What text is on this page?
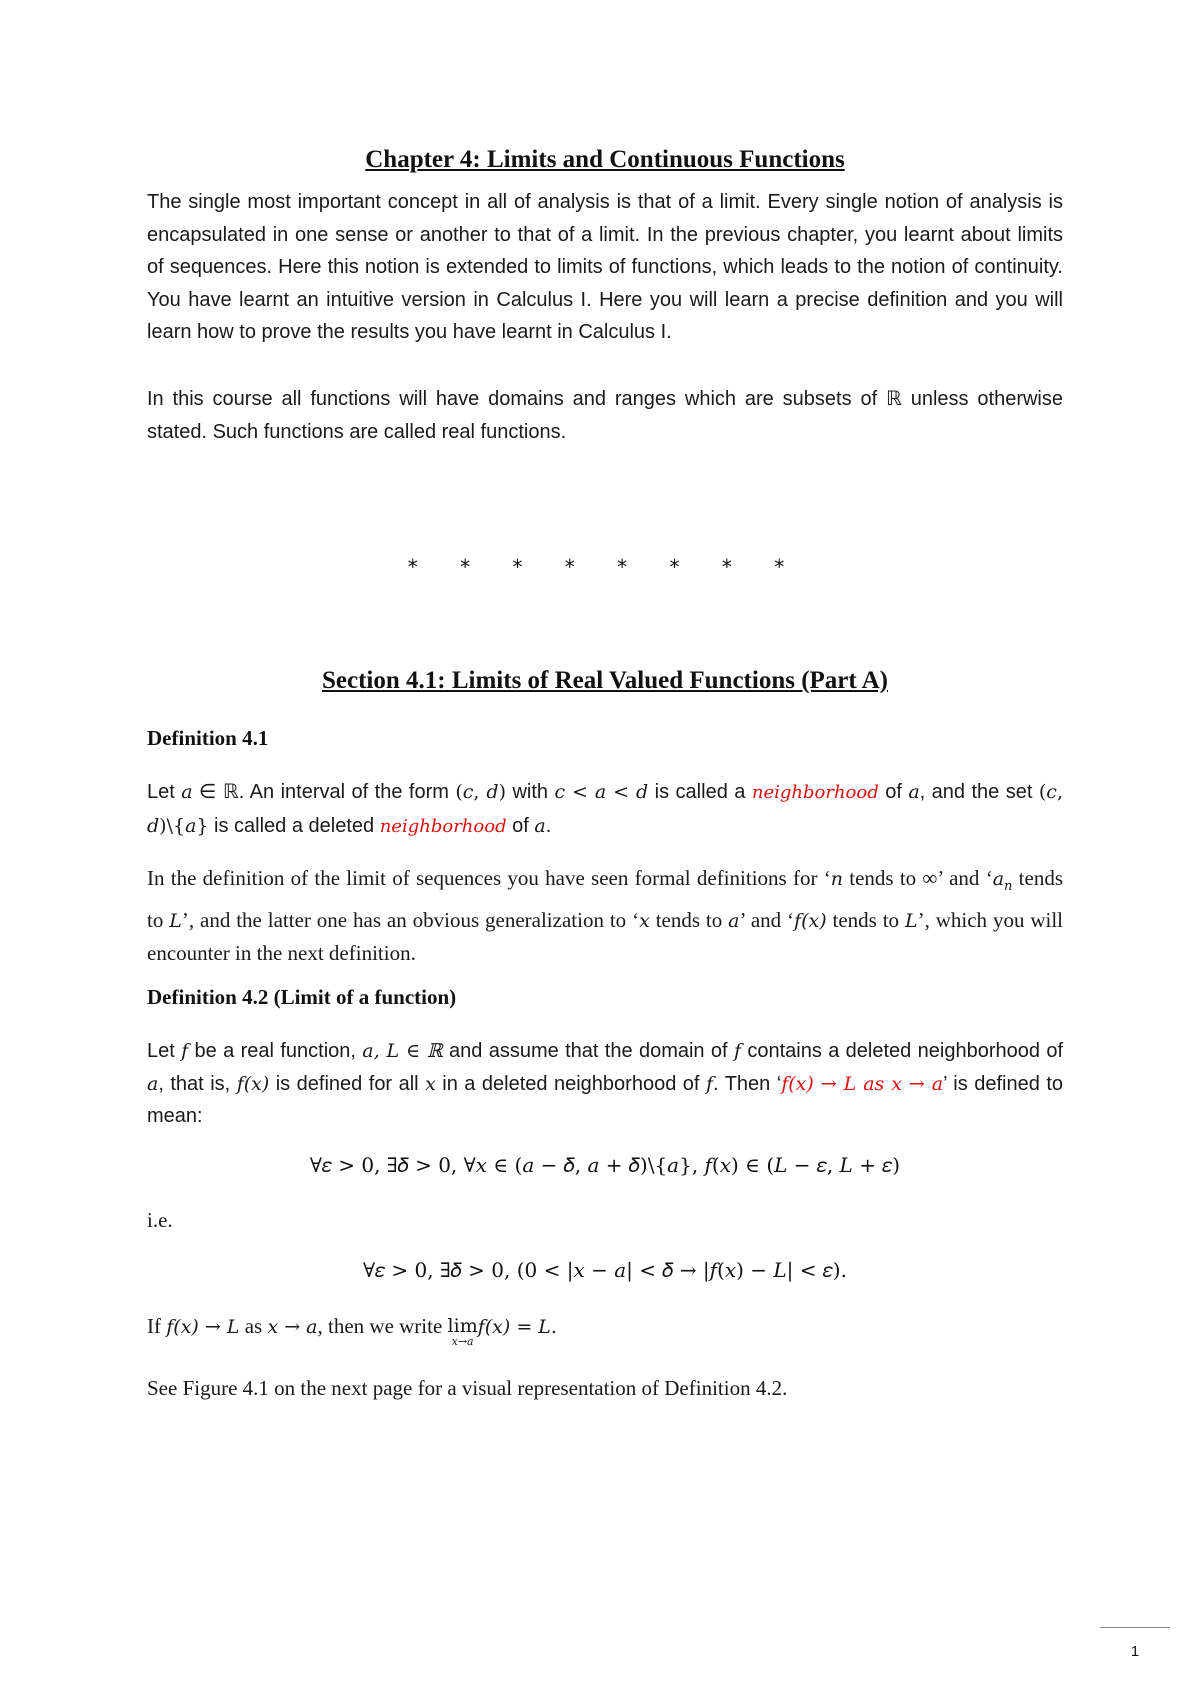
Chapter 4: Limits and Continuous Functions

The single most important concept in all of analysis is that of a limit. Every single notion of analysis is encapsulated in one sense or another to that of a limit. In the previous chapter, you learnt about limits of sequences. Here this notion is extended to limits of functions, which leads to the notion of continuity. You have learnt an intuitive version in Calculus I. Here you will learn a precise definition and you will learn how to prove the results you have learnt in Calculus I.

In this course all functions will have domains and ranges which are subsets of ℝ unless otherwise stated. Such functions are called real functions.

* * * * * * * *
Section 4.1: Limits of Real Valued Functions (Part A)

Definition 4.1

Let 𝑎 ∈ ℝ. An interval of the form (𝑐, 𝑑) with 𝑐 < 𝑎 < 𝑑 is called a neighborhood of 𝑎, and the set (𝑐, 𝑑)\{𝑎} is called a deleted neighborhood of 𝑎.

In the definition of the limit of sequences you have seen formal definitions for ‘𝑛 tends to ∞’ and ‘𝑎$_𝑛$ tends to 𝐿’, and the latter one has an obvious generalization to ‘𝑥 tends to 𝑎’ and ‘𝑓(𝑥) tends to 𝐿’, which you will encounter in the next definition.

Definition 4.2 (Limit of a function)

Let 𝑓 be a real function, 𝑎, 𝐿 ∈ ℝ and assume that the domain of 𝑓 contains a deleted neighborhood of 𝑎, that is, 𝑓(𝑥) is defined for all 𝑥 in a deleted neighborhood of 𝑓. Then ‘𝑓(𝑥) → 𝐿 as 𝑥 → 𝑎’ is defined to mean:

∀𝜀 > 0, ∃𝛿 > 0, ∀𝑥 ∈ (𝑎 − 𝛿, 𝑎 + 𝛿)\{𝑎}, 𝑓(𝑥) ∈ (𝐿 − 𝜀, 𝐿 + 𝜀)

i.e.

∀𝜀 > 0, ∃𝛿 > 0, (0 < |𝑥 − 𝑎| < 𝛿 → |𝑓(𝑥) − 𝐿| < 𝜀).

If 𝑓(𝑥) → 𝐿 as 𝑥 → 𝑎, then we write lim
𝑥→𝑎
𝑓(𝑥) = 𝐿.

See Figure 4.1 on the next page for a visual representation of Definition 4.2.

1
